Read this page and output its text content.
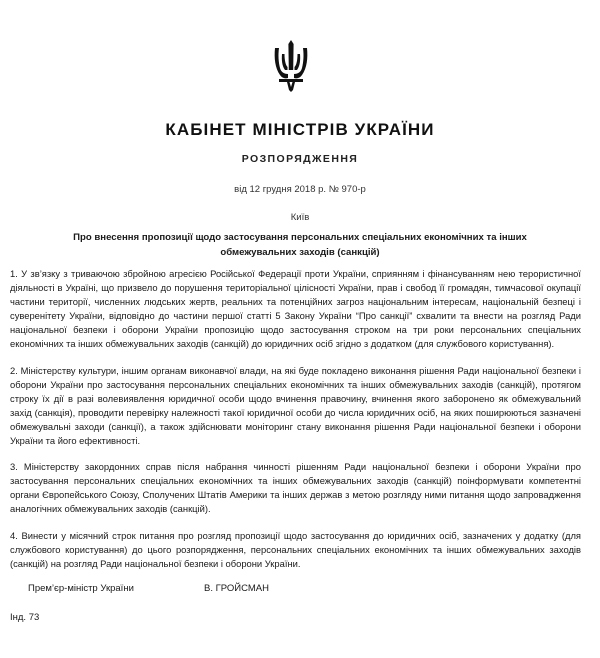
КАБІНЕТ МІНІСТРІВ УКРАЇНИ
РОЗПОРЯДЖЕННЯ
від 12 грудня 2018 р. № 970-р
Київ
Про внесення пропозиції щодо застосування персональних спеціальних економічних та інших
обмежувальних заходів (санкцій)
1. У зв’язку з триваючою збройною агресією Російської Федерації проти України, сприянням і фінансуванням нею терористичної діяльності в Україні, що призвело до порушення територіальної цілісності України, прав і свобод її громадян, тимчасової окупації частини території, численних людських жертв, реальних та потенційних загроз національним інтересам, національній безпеці і суверенітету України, відповідно до частини першої статті 5 Закону України “Про санкції” схвалити та внести на розгляд Ради національної безпеки і оборони України пропозицію щодо застосування строком на три роки персональних спеціальних економічних та інших обмежувальних заходів (санкцій) до юридичних осіб згідно з додатком (для службового користування).
2. Міністерству культури, іншим органам виконавчої влади, на які буде покладено виконання рішення Ради національної безпеки і оборони України про застосування персональних спеціальних економічних та інших обмежувальних заходів (санкцій), протягом строку їх дії в разі волевиявлення юридичної особи щодо вчинення правочину, вчинення якого заборонено як обмежувальний захід (санкція), проводити перевірку належності такої юридичної особи до числа юридичних осіб, на яких поширюються зазначені обмежувальні заходи (санкції), а також здійснювати моніторинг стану виконання рішення Ради національної безпеки і оборони України та його ефективності.
3. Міністерству закордонних справ після набрання чинності рішенням Ради національної безпеки і оборони України про застосування персональних спеціальних економічних та інших обмежувальних заходів (санкцій) поінформувати компетентні органи Європейського Союзу, Сполучених Штатів Америки та інших держав з метою розгляду ними питання щодо запровадження аналогічних обмежувальних заходів (санкцій).
4. Винести у місячний строк питання про розгляд пропозиції щодо застосування до юридичних осіб, зазначених у додатку (для службового користування) до цього розпорядження, персональних спеціальних економічних та інших обмежувальних заходів (санкцій) на розгляд Ради національної безпеки і оборони України.
Прем’єр-міністр України	В. ГРОЙСМАН
Інд. 73
